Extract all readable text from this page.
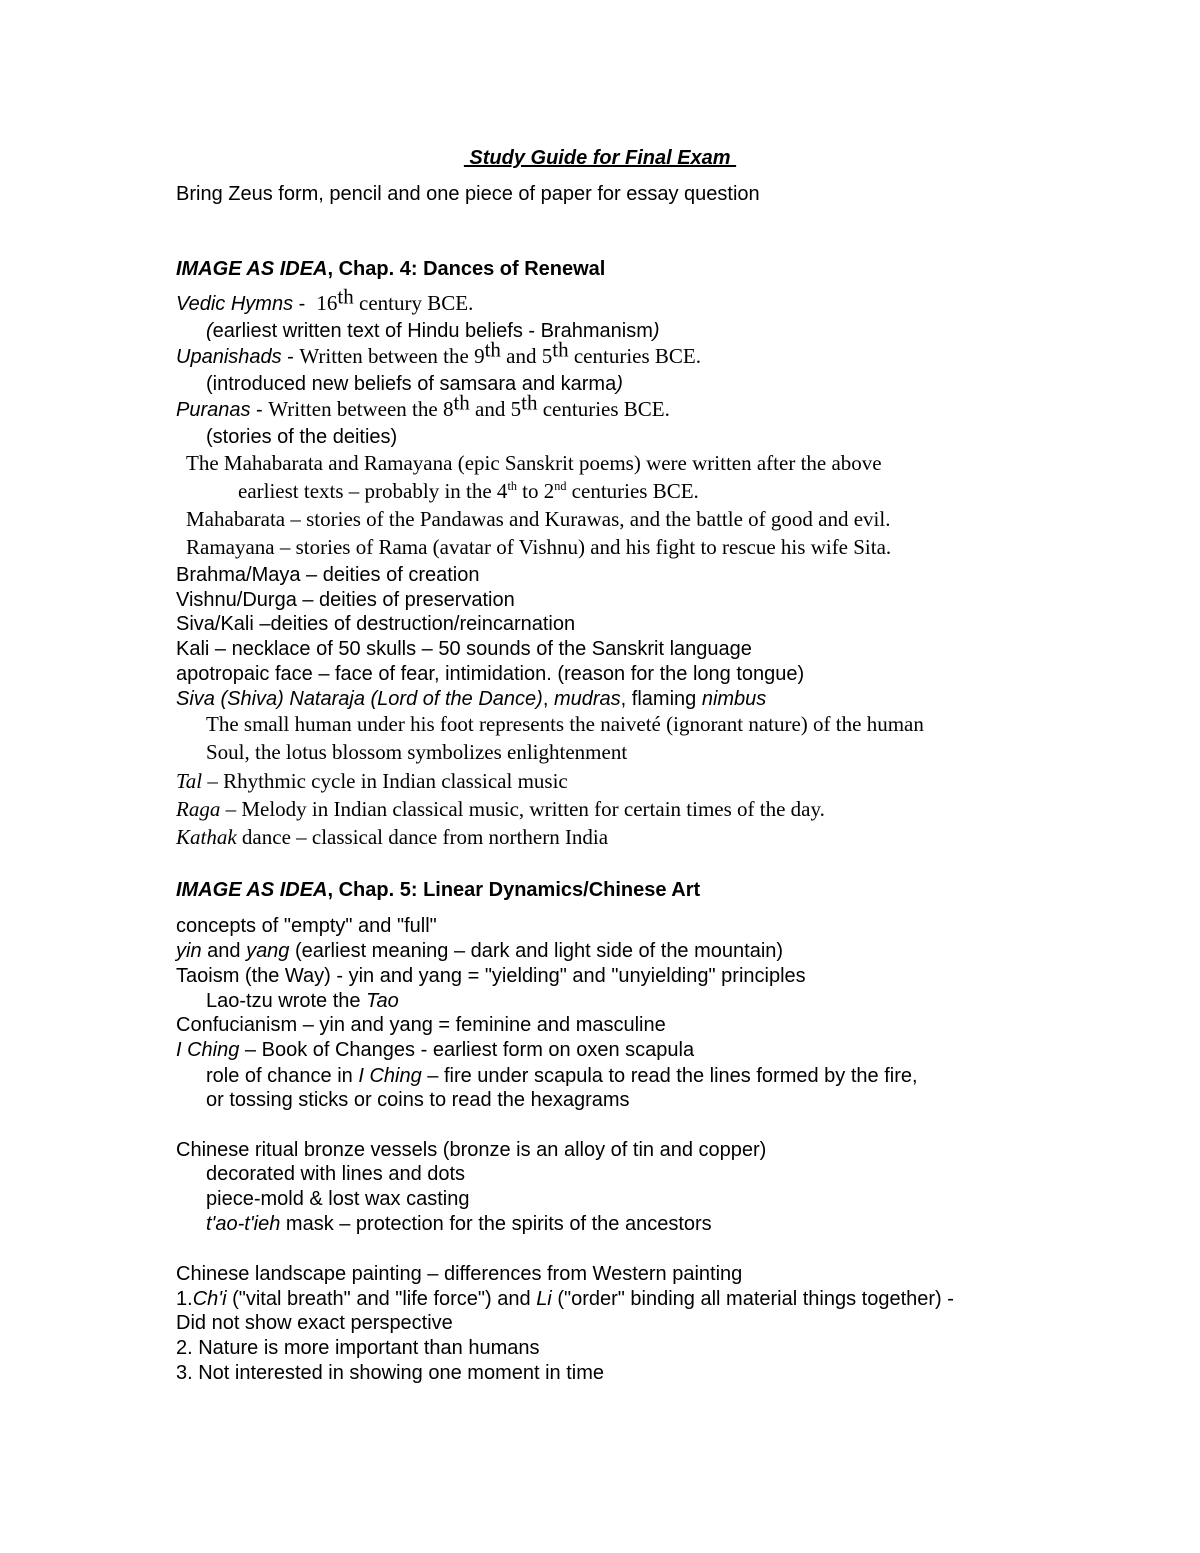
Study Guide for Final Exam
Bring Zeus form, pencil and one piece of paper for essay question
IMAGE AS IDEA, Chap. 4: Dances of Renewal
Vedic Hymns -  16th century BCE.
(earliest written text of Hindu beliefs - Brahmanism)
Upanishads - Written between the 9th and 5th centuries BCE.
(introduced new beliefs of samsara and karma)
Puranas - Written between the 8th and 5th centuries BCE.
(stories of the deities)
The Mahabarata and Ramayana (epic Sanskrit poems) were written after the above
earliest texts – probably in the 4th to 2nd centuries BCE.
Mahabarata – stories of the Pandawas and Kurawas, and the battle of good and evil.
Ramayana – stories of Rama (avatar of Vishnu) and his fight to rescue his wife Sita.
Brahma/Maya – deities of creation
Vishnu/Durga – deities of preservation
Siva/Kali –deities of destruction/reincarnation
Kali – necklace of 50 skulls – 50 sounds of the Sanskrit language
apotropaic face – face of fear, intimidation. (reason for the long tongue)
Siva (Shiva) Nataraja (Lord of the Dance), mudras, flaming nimbus
The small human under his foot represents the naiveté (ignorant nature) of the human
Soul, the lotus blossom symbolizes enlightenment
Tal – Rhythmic cycle in Indian classical music
Raga – Melody in Indian classical music, written for certain times of the day.
Kathak dance – classical dance from northern India
IMAGE AS IDEA, Chap. 5: Linear Dynamics/Chinese Art
concepts of "empty" and "full"
yin and yang (earliest meaning – dark and light side of the mountain)
Taoism (the Way) - yin and yang = "yielding" and "unyielding" principles
Lao-tzu wrote the Tao
Confucianism – yin and yang = feminine and masculine
I Ching – Book of Changes - earliest form on oxen scapula
role of chance in I Ching – fire under scapula to read the lines formed by the fire,
or tossing sticks or coins to read the hexagrams
Chinese ritual bronze vessels (bronze is an alloy of tin and copper)
decorated with lines and dots
piece-mold & lost wax casting
t'ao-t'ieh mask – protection for the spirits of the ancestors
Chinese landscape painting – differences from Western painting
1.Ch'i ("vital breath" and "life force") and Li ("order" binding all material things together) -
Did not show exact perspective
2. Nature is more important than humans
3. Not interested in showing one moment in time
